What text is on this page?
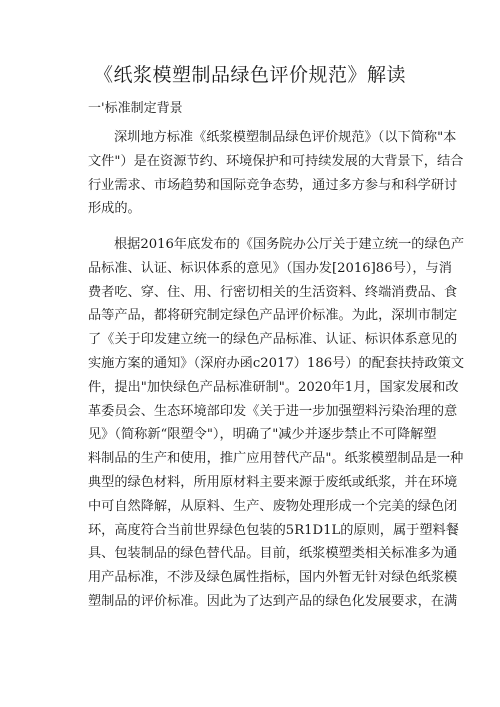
《纸浆模塑制品绿色评价规范》解读
一'标准制定背景
深圳地方标准《纸浆模塑制品绿色评价规范》（以下简称"本
文件"）是在资源节约、环境保护和可持续发展的大背景下，结合
行业需求、市场趋势和国际竞争态势，通过多方参与和科学研讨
形成的。
根据2016年底发布的《国务院办公厅关于建立统一的绿色产
品标准、认证、标识体系的意见》（国办发[2016]86号），与消
费者吃、穿、住、用、行密切相关的生活资料、终端消费品、食
品等产品，都将研究制定绿色产品评价标准。为此，深圳市制定
了《关于印发建立统一的绿色产品标准、认证、标识体系意见的
实施方案的通知》（深府办函c2017）186号）的配套扶持政策文
件，提出"加快绿色产品标准研制"。2020年1月，国家发展和改
革委员会、生态环境部印发《关于进一步加强塑料污染治理的意
见》（简称新“限塑令"），明确了"减少并逐步禁止不可降解塑
料制品的生产和使用，推广应用替代产品"。纸浆模塑制品是一种
典型的绿色材料，所用原材料主要来源于废纸或纸浆，并在环境
中可自然降解，从原料、生产、废物处理形成一个完美的绿色闭
环，高度符合当前世界绿色包装的5R1D1L的原则，属于塑料餐
具、包装制品的绿色替代品。目前，纸浆模塑类相关标准多为通
用产品标准，不涉及绿色属性指标，国内外暂无针对绿色纸浆模
塑制品的评价标准。因此为了达到产品的绿色化发展要求，在满
